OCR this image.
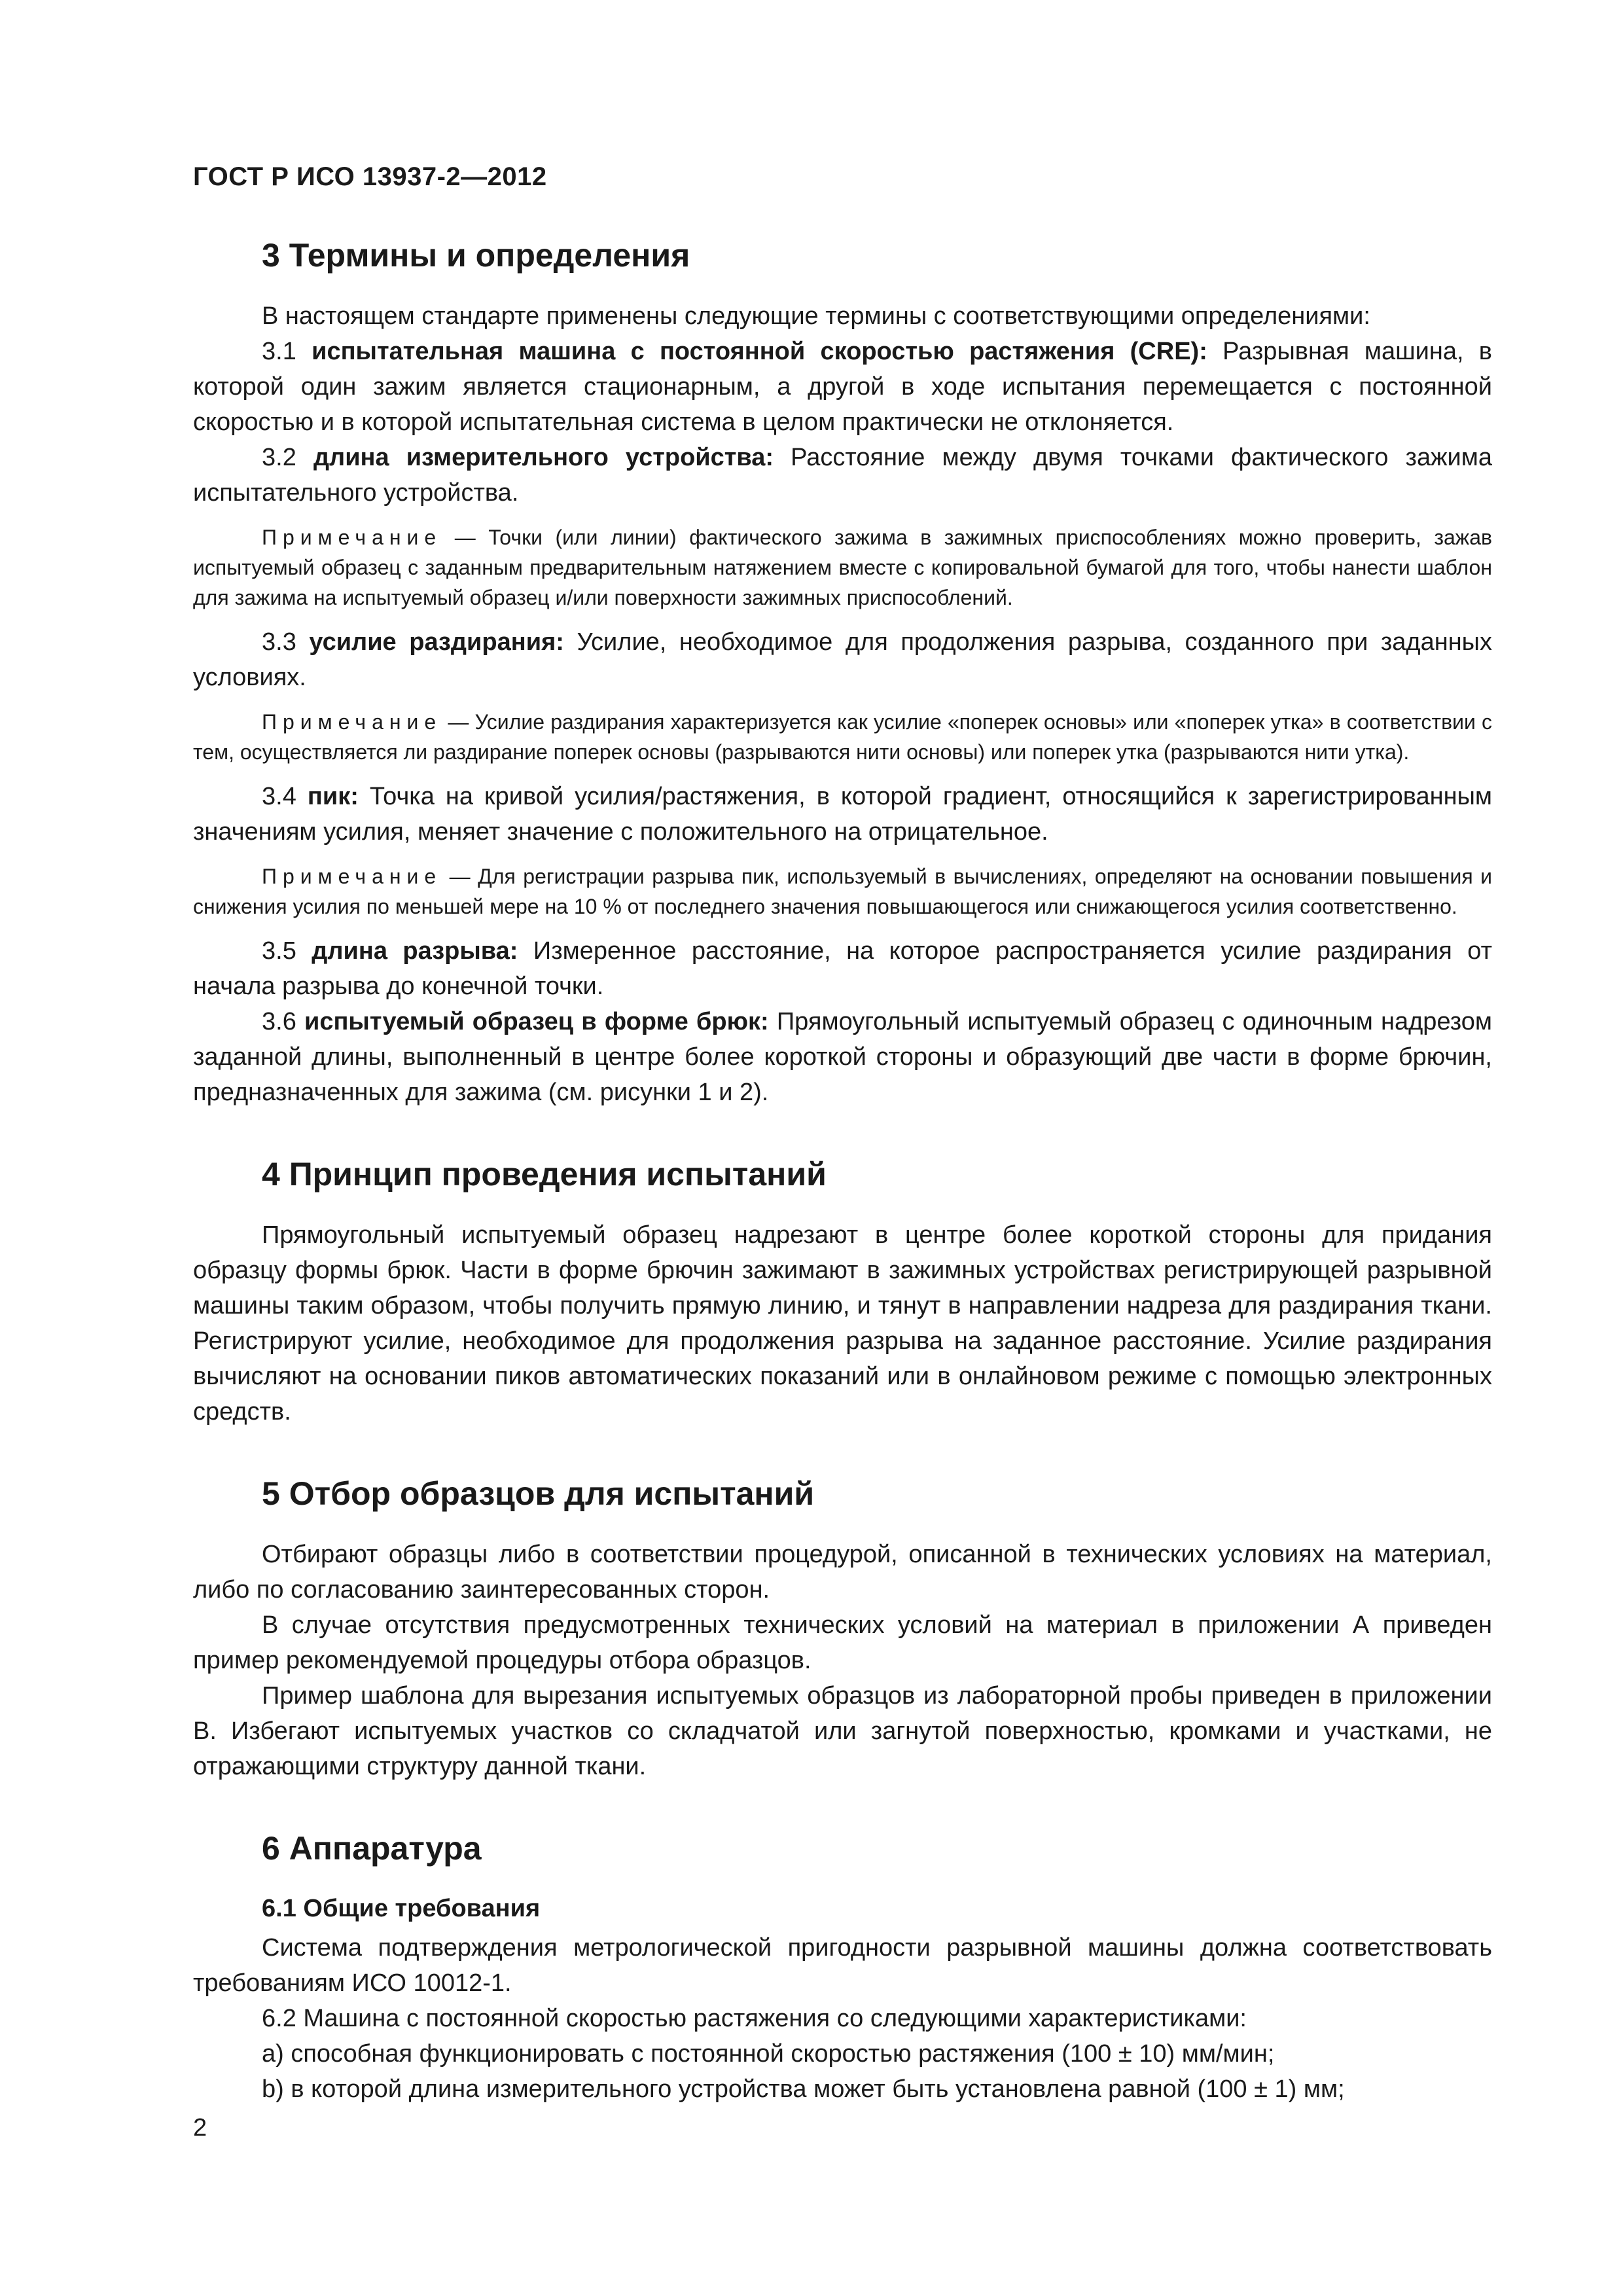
ГОСТ Р ИСО 13937-2—2012
3 Термины и определения

В настоящем стандарте применены следующие термины с соответствующими определениями:

3.1 испытательная машина с постоянной скоростью растяжения (CRE): Разрывная машина, в которой один зажим является стационарным, а другой в ходе испытания перемещается с постоянной скоростью и в которой испытательная система в целом практически не отклоняется.

3.2 длина измерительного устройства: Расстояние между двумя точками фактического зажима испытательного устройства.

Примечание — Точки (или линии) фактического зажима в зажимных приспособлениях можно проверить, зажав испытуемый образец с заданным предварительным натяжением вместе с копировальной бумагой для того, чтобы нанести шаблон для зажима на испытуемый образец и/или поверхности зажимных приспособлений.

3.3 усилие раздирания: Усилие, необходимое для продолжения разрыва, созданного при заданных условиях.

Примечание — Усилие раздирания характеризуется как усилие «поперек основы» или «поперек утка» в соответствии с тем, осуществляется ли раздирание поперек основы (разрываются нити основы) или поперек утка (разрываются нити утка).

3.4 пик: Точка на кривой усилия/растяжения, в которой градиент, относящийся к зарегистрированным значениям усилия, меняет значение с положительного на отрицательное.

Примечание — Для регистрации разрыва пик, используемый в вычислениях, определяют на основании повышения и снижения усилия по меньшей мере на 10 % от последнего значения повышающегося или снижающегося усилия соответственно.

3.5 длина разрыва: Измеренное расстояние, на которое распространяется усилие раздирания от начала разрыва до конечной точки.

3.6 испытуемый образец в форме брюк: Прямоугольный испытуемый образец с одиночным надрезом заданной длины, выполненный в центре более короткой стороны и образующий две части в форме брючин, предназначенных для зажима (см. рисунки 1 и 2).

4 Принцип проведения испытаний

Прямоугольный испытуемый образец надрезают в центре более короткой стороны для придания образцу формы брюк. Части в форме брючин зажимают в зажимных устройствах регистрирующей разрывной машины таким образом, чтобы получить прямую линию, и тянут в направлении надреза для раздирания ткани. Регистрируют усилие, необходимое для продолжения разрыва на заданное расстояние. Усилие раздирания вычисляют на основании пиков автоматических показаний или в онлайновом режиме с помощью электронных средств.

5 Отбор образцов для испытаний

Отбирают образцы либо в соответствии процедурой, описанной в технических условиях на материал, либо по согласованию заинтересованных сторон.

В случае отсутствия предусмотренных технических условий на материал в приложении А приведен пример рекомендуемой процедуры отбора образцов.

Пример шаблона для вырезания испытуемых образцов из лабораторной пробы приведен в приложении В. Избегают испытуемых участков со складчатой или загнутой поверхностью, кромками и участками, не отражающими структуру данной ткани.

6 Аппаратура
6.1 Общие требования

Система подтверждения метрологической пригодности разрывной машины должна соответствовать требованиям ИСО 10012-1.

6.2 Машина с постоянной скоростью растяжения со следующими характеристиками:

a) способная функционировать с постоянной скоростью растяжения (100 ± 10) мм/мин;

b) в которой длина измерительного устройства может быть установлена равной (100 ± 1) мм;

2
